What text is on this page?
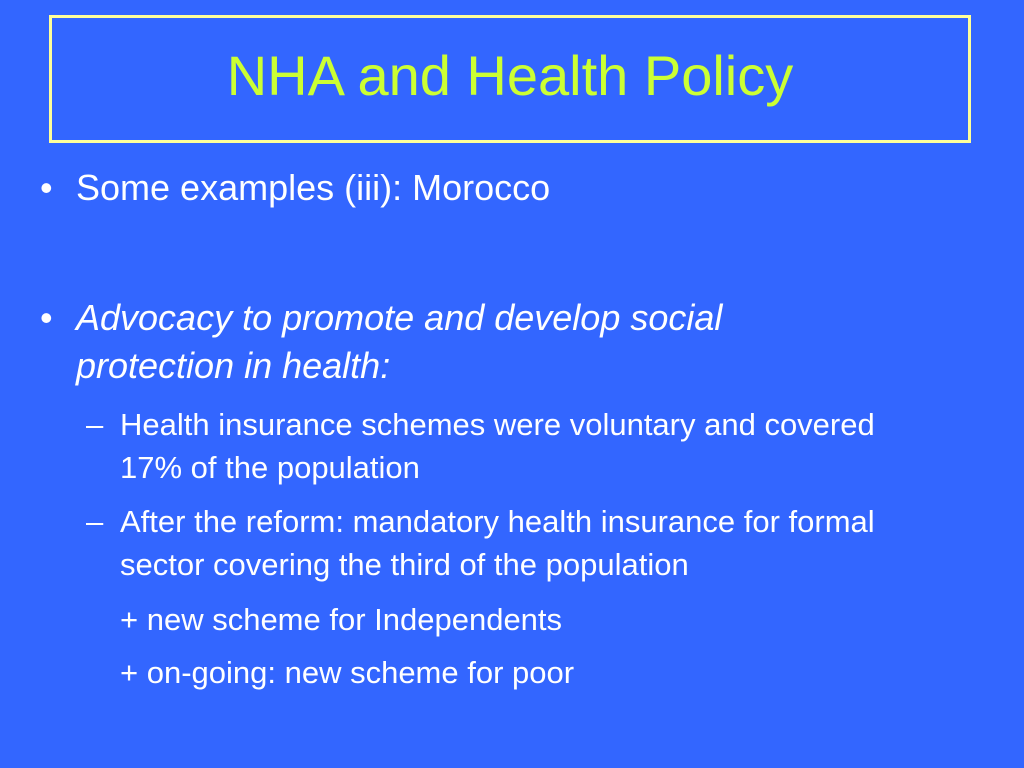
NHA and Health Policy
• Some examples (iii): Morocco
• Advocacy to promote and develop social protection in health:
– Health insurance schemes were voluntary and covered 17% of the population
– After the reform: mandatory health insurance for formal sector covering the third of the population
+ new scheme for Independents
+ on-going: new scheme for poor
